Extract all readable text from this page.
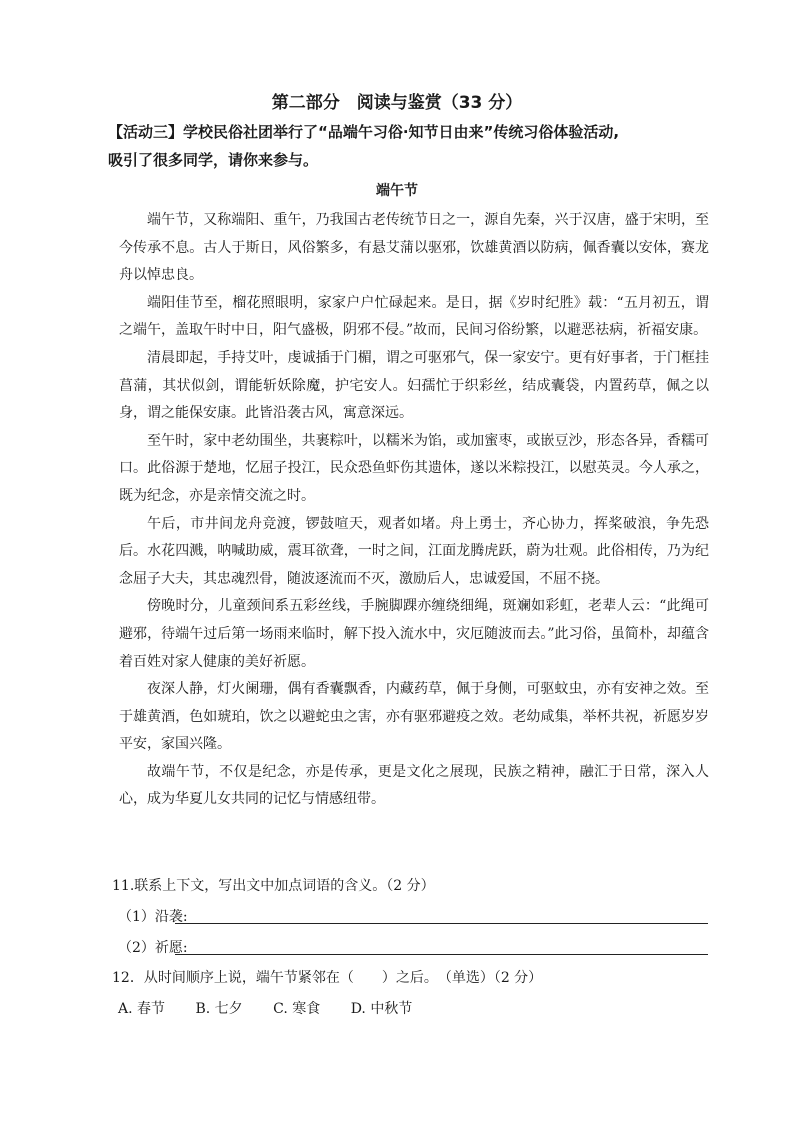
第二部分　阅读与鉴赏（33 分）

【活动三】学校民俗社团举行了“品端午习俗·知节日由来”传统习俗体验活动,

吸引了很多同学，请你来参与。

端午节

端午节，又称端阳、重午，乃我国古老传统节日之一，源自先秦，兴于汉唐，盛于宋明，至今传承不息。古人于斯日，风俗繁多，有悬艾蒲以驱邪，饮雄黄酒以防病，佩香囊以安体，赛龙舟以悼忠良。

端阳佳节至，榴花照眼明，家家户户忙碌起来。是日，据《岁时纪胜》载：“五月初五，谓之端午，盖取午时中日，阳气盛极，阴邪不侵。”故而，民间习俗纷繁，以避恶祛病，祈福安康。

清晨即起，手持艾叶，虔诚插于门楣，谓之可驱邪气，保一家安宁。更有好事者，于门框挂菖蒲，其状似剑，谓能斩妖除魔，护宅安人。妇孺忙于织彩丝，结成囊袋，内置药草，佩之以身，谓之能保安康。此皆沿袭古风，寓意深远。

至午时，家中老幼围坐，共裹粽叶，以糯米为馅，或加蜜枣，或嵌豆沙，形态各异，香糯可口。此俗源于楚地，忆屈子投江，民众恐鱼虾伤其遗体，遂以米粽投江，以慰英灵。今人承之，既为纪念，亦是亲情交流之时。

午后，市井间龙舟竞渡，锣鼓喧天，观者如堵。舟上勇士，齐心协力，挥桨破浪，争先恐后。水花四溅，呐喊助威，震耳欲聋，一时之间，江面龙腾虎跃，蔚为壮观。此俗相传，乃为纪念屈子大夫，其忠魂烈骨，随波逐流而不灭，激励后人，忠诚爱国，不屈不挠。

傍晚时分，儿童颈间系五彩丝线，手腕脚踝亦缠绕细绳，斑斓如彩虹，老辈人云：“此绳可避邪，待端午过后第一场雨来临时，解下投入流水中，灾厄随波而去。”此习俗，虽简朴，却蕴含着百姓对家人健康的美好祈愿。

夜深人静，灯火阑珊，偶有香囊飘香，内藏药草，佩于身侧，可驱蚊虫，亦有安神之效。至于雄黄酒，色如琥珀，饮之以避蛇虫之害，亦有驱邪避疫之效。老幼咸集，举杯共祝，祈愿岁岁平安，家国兴隆。

故端午节，不仅是纪念，亦是传承，更是文化之展现，民族之精神，融汇于日常，深入人心，成为华夏儿女共同的记忆与情感纽带。

11.联系上下文，写出文中加点词语的含义。（2 分）
（1）沿袭:
（2）祈愿:
12．从时间顺序上说，端午节紧邻在（　　）之后。　（单选）（2 分）
A. 春节 B. 七夕 C. 寒食 D. 中秋节
